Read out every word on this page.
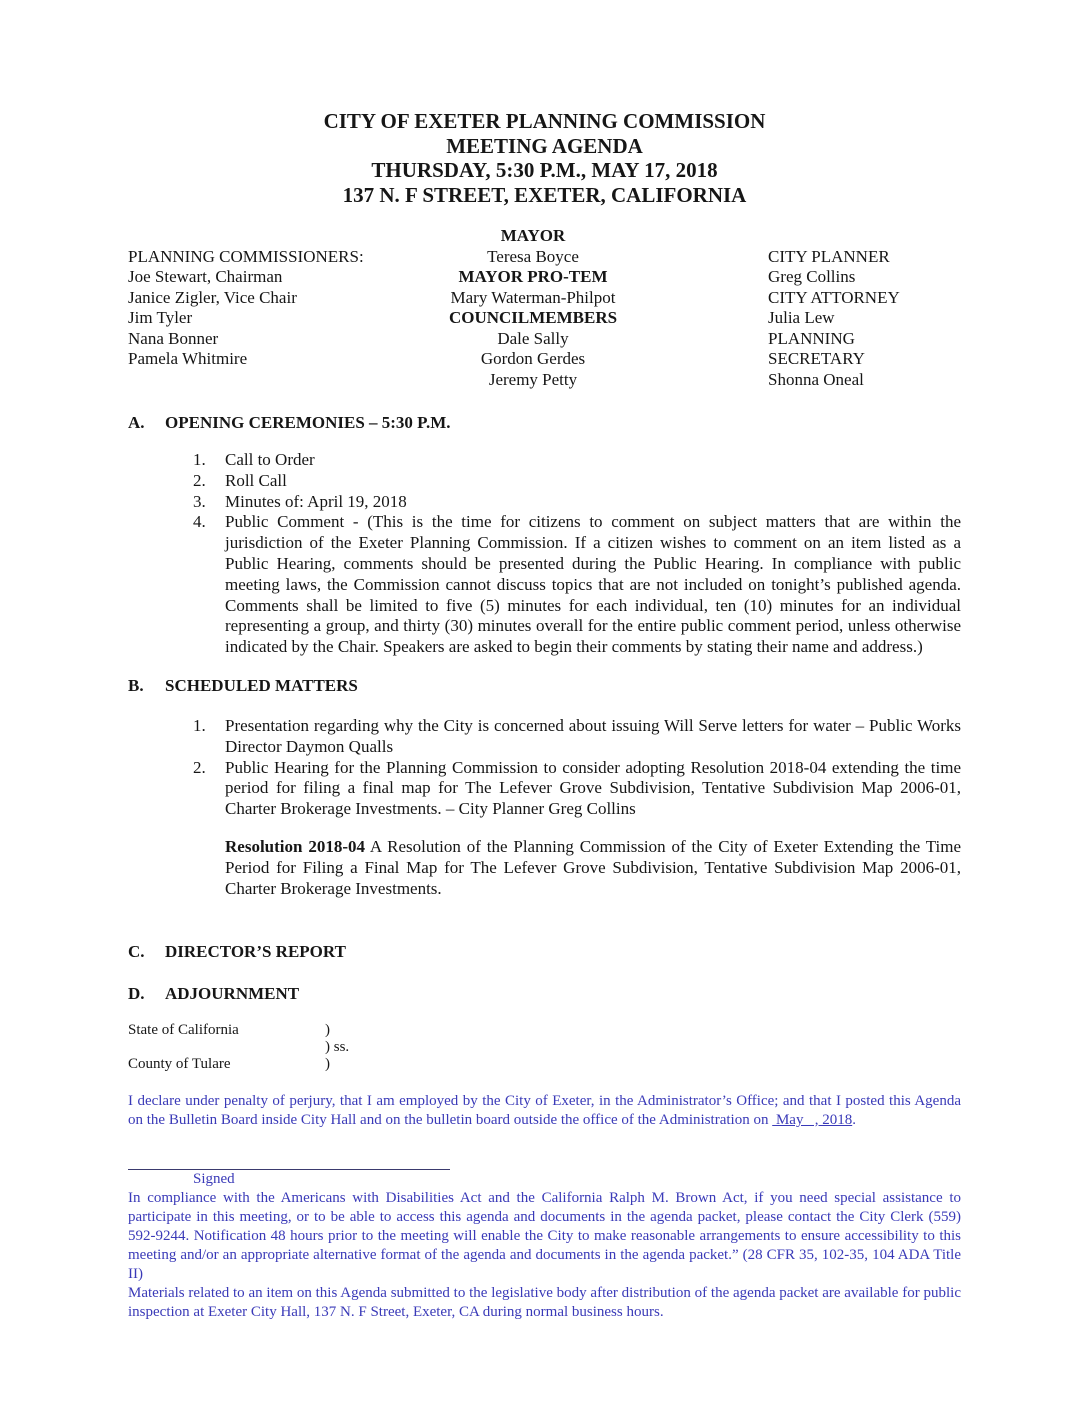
CITY OF EXETER PLANNING COMMISSION
MEETING AGENDA
THURSDAY, 5:30 P.M., MAY 17, 2018
137 N. F STREET, EXETER, CALIFORNIA
PLANNING COMMISSIONERS:
Joe Stewart, Chairman
Janice Zigler, Vice Chair
Jim Tyler
Nana Bonner
Pamela Whitmire
MAYOR
Teresa Boyce
MAYOR PRO-TEM
Mary Waterman-Philpot
COUNCILMEMBERS
Dale Sally
Gordon Gerdes
Jeremy Petty
CITY PLANNER
Greg Collins
CITY ATTORNEY
Julia Lew
PLANNING
SECRETARY
Shonna Oneal
A. OPENING CEREMONIES – 5:30 P.M.
1. Call to Order
2. Roll Call
3. Minutes of: April 19, 2018
4. Public Comment - (This is the time for citizens to comment on subject matters that are within the jurisdiction of the Exeter Planning Commission. If a citizen wishes to comment on an item listed as a Public Hearing, comments should be presented during the Public Hearing. In compliance with public meeting laws, the Commission cannot discuss topics that are not included on tonight’s published agenda. Comments shall be limited to five (5) minutes for each individual, ten (10) minutes for an individual representing a group, and thirty (30) minutes overall for the entire public comment period, unless otherwise indicated by the Chair. Speakers are asked to begin their comments by stating their name and address.)
B. SCHEDULED MATTERS
1. Presentation regarding why the City is concerned about issuing Will Serve letters for water – Public Works Director Daymon Qualls
2. Public Hearing for the Planning Commission to consider adopting Resolution 2018-04 extending the time period for filing a final map for The Lefever Grove Subdivision, Tentative Subdivision Map 2006-01, Charter Brokerage Investments. – City Planner Greg Collins

Resolution 2018-04 A Resolution of the Planning Commission of the City of Exeter Extending the Time Period for Filing a Final Map for The Lefever Grove Subdivision, Tentative Subdivision Map 2006-01, Charter Brokerage Investments.

C. DIRECTOR’S REPORT
D. ADJOURNMENT
State of California	)
) ss.
County of Tulare	)

I declare under penalty of perjury, that I am employed by the City of Exeter, in the Administrator’s Office; and that I posted this Agenda on the Bulletin Board inside City Hall and on the bulletin board outside the office of the Administration on  May   , 2018.

Signed

In compliance with the Americans with Disabilities Act and the California Ralph M. Brown Act, if you need special assistance to participate in this meeting, or to be able to access this agenda and documents in the agenda packet, please contact the City Clerk (559) 592-9244. Notification 48 hours prior to the meeting will enable the City to make reasonable arrangements to ensure accessibility to this meeting and/or an appropriate alternative format of the agenda and documents in the agenda packet.” (28 CFR 35, 102-35, 104 ADA Title II)

Materials related to an item on this Agenda submitted to the legislative body after distribution of the agenda packet are available for public inspection at Exeter City Hall, 137 N. F Street, Exeter, CA during normal business hours.
